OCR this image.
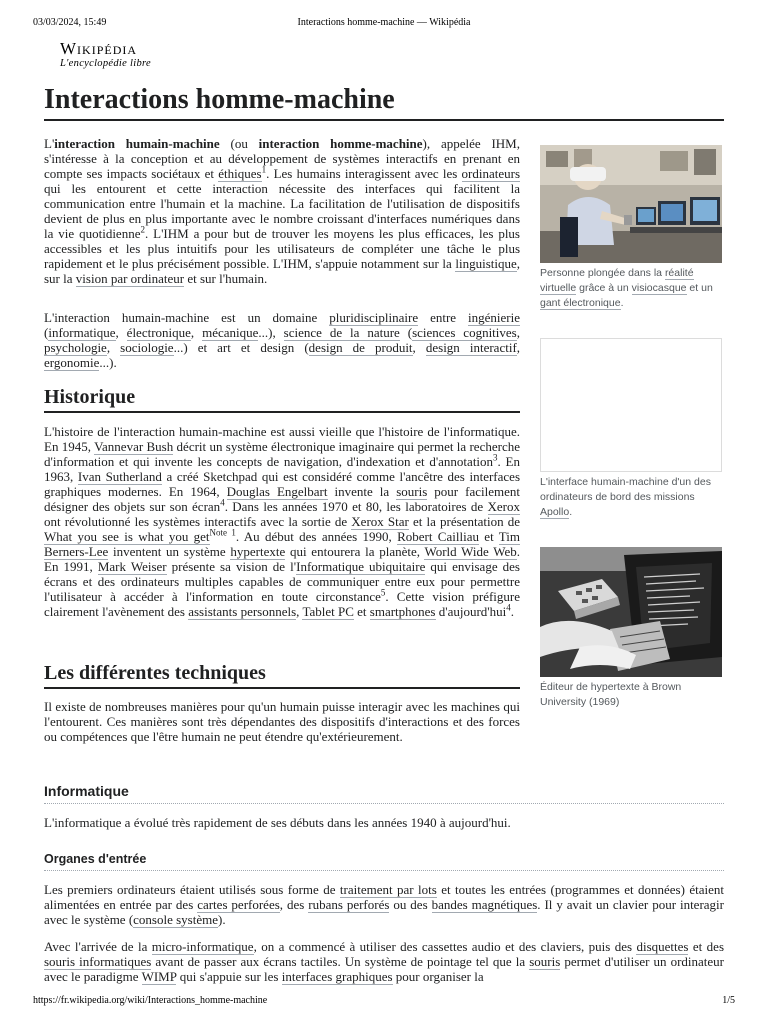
03/03/2024, 15:49	Interactions homme-machine — Wikipédia
https://fr.wikipedia.org/wiki/Interactions_homme-machine	1/5
Wikipédia
L'encyclopédie libre
Interactions homme-machine

L'interaction humain-machine (ou interaction homme-machine), appelée IHM, s'intéresse à la conception et au développement de systèmes interactifs en prenant en compte ses impacts sociétaux et éthiques$^1$. Les humains interagissent avec les ordinateurs qui les entourent et cette interaction nécessite des interfaces qui facilitent la communication entre l'humain et la machine. La facilitation de l'utilisation de dispositifs devient de plus en plus importante avec le nombre croissant d'interfaces numériques dans la vie quotidienne$^2$. L'IHM a pour but de trouver les moyens les plus efficaces, les plus accessibles et les plus intuitifs pour les utilisateurs de compléter une tâche le plus rapidement et le plus précisément possible. L'IHM, s'appuie notamment sur la linguistique, sur la vision par ordinateur et sur l'humain.

L'interaction humain-machine est un domaine pluridisciplinaire entre ingénierie (informatique, électronique, mécanique...), science de la nature (sciences cognitives, psychologie, sociologie...) et art et design (design de produit, design interactif, ergonomie...).

Historique

L'histoire de l'interaction humain-machine est aussi vieille que l'histoire de l'informatique. En 1945, Vannevar Bush décrit un système électronique imaginaire qui permet la recherche d'information et qui invente les concepts de navigation, d'indexation et d'annotation$^3$. En 1963, Ivan Sutherland a créé Sketchpad qui est considéré comme l'ancêtre des interfaces graphiques modernes. En 1964, Douglas Engelbart invente la souris pour facilement désigner des objets sur son écran$^4$. Dans les années 1970 et 80, les laboratoires de Xerox ont révolutionné les systèmes interactifs avec la sortie de Xerox Star et la présentation de What you see is what you get$^{Note 1}$. Au début des années 1990, Robert Cailliau et Tim Berners-Lee inventent un système hypertexte qui entourera la planète, World Wide Web. En 1991, Mark Weiser présente sa vision de l'Informatique ubiquitaire qui envisage des écrans et des ordinateurs multiples capables de communiquer entre eux pour permettre l'utilisateur à accéder à l'information en toute circonstance$^5$. Cette vision préfigure clairement l'avènement des assistants personnels, Tablet PC et smartphones d'aujourd'hui$^4$.

Les différentes techniques

Il existe de nombreuses manières pour qu'un humain puisse interagir avec les machines qui l'entourent. Ces manières sont très dépendantes des dispositifs d'interactions et des forces ou compétences que l'être humain ne peut étendre qu'extérieurement.

Informatique

L'informatique a évolué très rapidement de ses débuts dans les années 1940 à aujourd'hui.

Organes d'entrée

Les premiers ordinateurs étaient utilisés sous forme de traitement par lots et toutes les entrées (programmes et données) étaient alimentées en entrée par des cartes perforées, des rubans perforés ou des bandes magnétiques. Il y avait un clavier pour interagir avec le système (console système).

Avec l'arrivée de la micro-informatique, on a commencé à utiliser des cassettes audio et des claviers, puis des disquettes et des souris informatiques avant de passer aux écrans tactiles. Un système de pointage tel que la souris permet d'utiliser un ordinateur avec le paradigme WIMP qui s'appuie sur les interfaces graphiques pour organiser la

Personne plongée dans la réalité virtuelle grâce à un visiocasque et un gant électronique.
L'interface humain-machine d'un des ordinateurs de bord des missions Apollo.
Éditeur de hypertexte à Brown University (1969)
